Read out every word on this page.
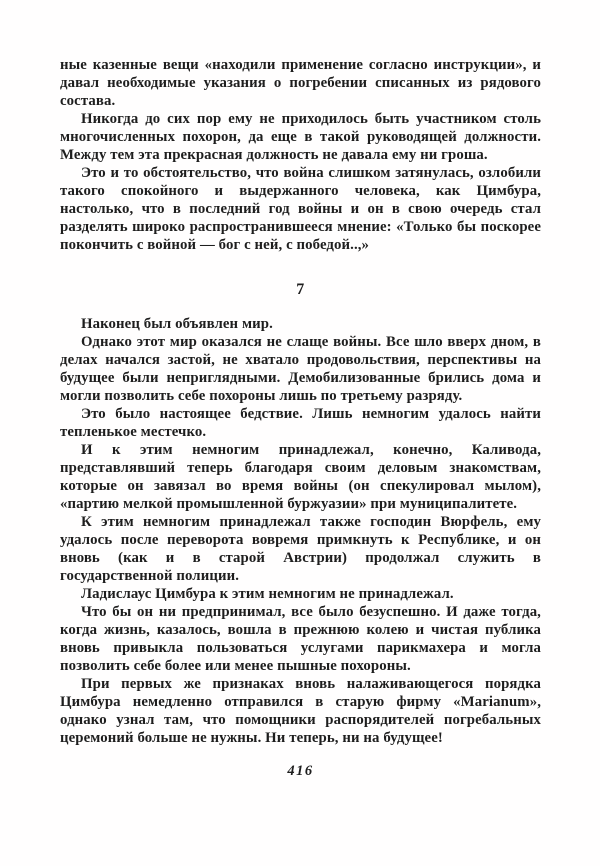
ные казенные вещи «находили применение согласно инструкции», и давал необходимые указания о погребении списанных из рядового состава.

Никогда до сих пор ему не приходилось быть участником столь многочисленных похорон, да еще в такой руководящей должности. Между тем эта прекрасная должность не давала ему ни гроша.

Это и то обстоятельство, что война слишком затянулась, озлобили такого спокойного и выдержанного человека, как Цимбура, настолько, что в последний год войны и он в свою очередь стал разделять широко распространившееся мнение: «Только бы поскорее покончить с войной — бог с ней, с победой..,»

7

Наконец был объявлен мир.

Однако этот мир оказался не слаще войны. Все шло вверх дном, в делах начался застой, не хватало продовольствия, перспективы на будущее были неприглядными. Демобилизованные брились дома и могли позволить себе похороны лишь по третьему разряду.

Это было настоящее бедствие. Лишь немногим удалось найти тепленькое местечко.

И к этим немногим принадлежал, конечно, Каливода, представлявший теперь благодаря своим деловым знакомствам, которые он завязал во время войны (он спекулировал мылом), «партию мелкой промышленной буржуазии» при муниципалитете.

К этим немногим принадлежал также господин Вюрфель, ему удалось после переворота вовремя примкнуть к Республике, и он вновь (как и в старой Австрии) продолжал служить в государственной полиции.

Ладислаус Цимбура к этим немногим не принадлежал.

Что бы он ни предпринимал, все было безуспешно. И даже тогда, когда жизнь, казалось, вошла в прежнюю колею и чистая публика вновь привыкла пользоваться услугами парикмахера и могла позволить себе более или менее пышные похороны.

При первых же признаках вновь налаживающегося порядка Цимбура немедленно отправился в старую фирму «Marianum», однако узнал там, что помощники распорядителей погребальных церемоний больше не нужны. Ни теперь, ни на будущее!

416
